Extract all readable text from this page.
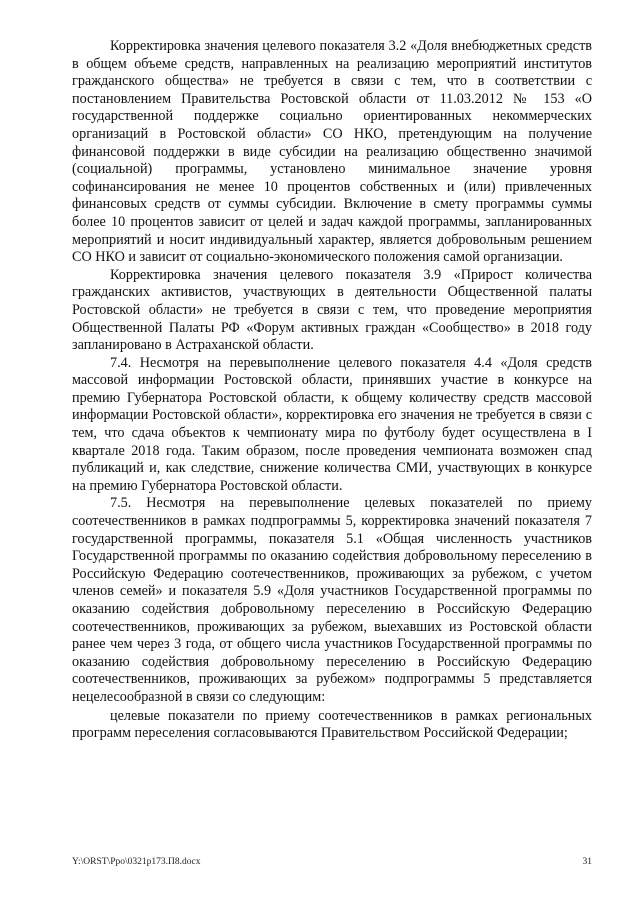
Корректировка значения целевого показателя 3.2 «Доля внебюджетных средств в общем объеме средств, направленных на реализацию мероприятий институтов гражданского общества» не требуется в связи с тем, что в соответствии с постановлением Правительства Ростовской области от 11.03.2012 № 153 «О государственной поддержке социально ориентированных некоммерческих организаций в Ростовской области» СО НКО, претендующим на получение финансовой поддержки в виде субсидии на реализацию общественно значимой (социальной) программы, установлено минимальное значение уровня софинансирования не менее 10 процентов собственных и (или) привлеченных финансовых средств от суммы субсидии. Включение в смету программы суммы более 10 процентов зависит от целей и задач каждой программы, запланированных мероприятий и носит индивидуальный характер, является добровольным решением СО НКО и зависит от социально-экономического положения самой организации.

Корректировка значения целевого показателя 3.9 «Прирост количества гражданских активистов, участвующих в деятельности Общественной палаты Ростовской области» не требуется в связи с тем, что проведение мероприятия Общественной Палаты РФ «Форум активных граждан «Сообщество» в 2018 году запланировано в Астраханской области.

7.4. Несмотря на перевыполнение целевого показателя 4.4 «Доля средств массовой информации Ростовской области, принявших участие в конкурсе на премию Губернатора Ростовской области, к общему количеству средств массовой информации Ростовской области», корректировка его значения не требуется в связи с тем, что сдача объектов к чемпионату мира по футболу будет осуществлена в I квартале 2018 года. Таким образом, после проведения чемпионата возможен спад публикаций и, как следствие, снижение количества СМИ, участвующих в конкурсе на премию Губернатора Ростовской области.

7.5. Несмотря на перевыполнение целевых показателей по приему соотечественников в рамках подпрограммы 5, корректировка значений показателя 7 государственной программы, показателя 5.1 «Общая численность участников Государственной программы по оказанию содействия добровольному переселению в Российскую Федерацию соотечественников, проживающих за рубежом, с учетом членов семей» и показателя 5.9 «Доля участников Государственной программы по оказанию содействия добровольному переселению в Российскую Федерацию соотечественников, проживающих за рубежом, выехавших из Ростовской области ранее чем через 3 года, от общего числа участников Государственной программы по оказанию содействия добровольному переселению в Российскую Федерацию соотечественников, проживающих за рубежом» подпрограммы 5 представляется нецелесообразной в связи со следующим:

целевые показатели по приему соотечественников в рамках региональных программ переселения согласовываются Правительством Российской Федерации;

Y:\ORST\Ppo\0321p173.П8.docx	31
